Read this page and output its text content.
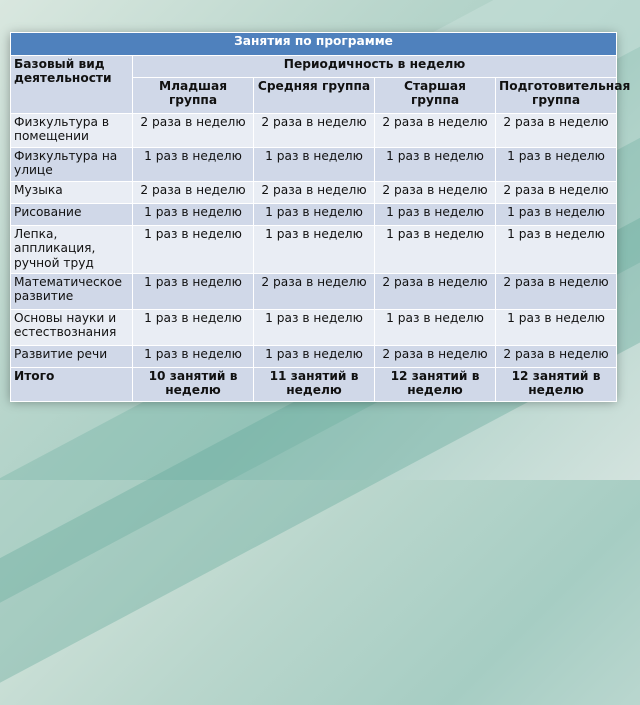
Занятия по программе				
Базовый вид деятельности	Периодичность в неделю			
	Младшая группа	Средняя группа	Старшая группа	Подготовительная группа
Физкультура в помещении	2 раза в неделю	2 раза в неделю	2 раза в неделю	2 раза в неделю
Физкультура на улице	1 раз в неделю	1 раз в неделю	1 раз в неделю	1 раз в неделю
Музыка	2 раза в неделю	2 раза в неделю	2 раза в неделю	2 раза в неделю
Рисование	1 раз в неделю	1 раз в неделю	1 раз в неделю	1 раз в неделю
Лепка, аппликация, ручной труд	1 раз в неделю	1 раз в неделю	1 раз в неделю	1 раз в неделю
Математическое развитие	1 раз в неделю	2 раза в неделю	2 раза в неделю	2 раза в неделю
Основы науки и естествознания	1 раз в неделю	1 раз в неделю	1 раз в неделю	1 раз в неделю
Развитие речи	1 раз в неделю	1 раз в неделю	2 раза в неделю	2 раза в неделю
Итого	10 занятий в неделю	11 занятий в неделю	12 занятий в неделю	12 занятий в неделю
